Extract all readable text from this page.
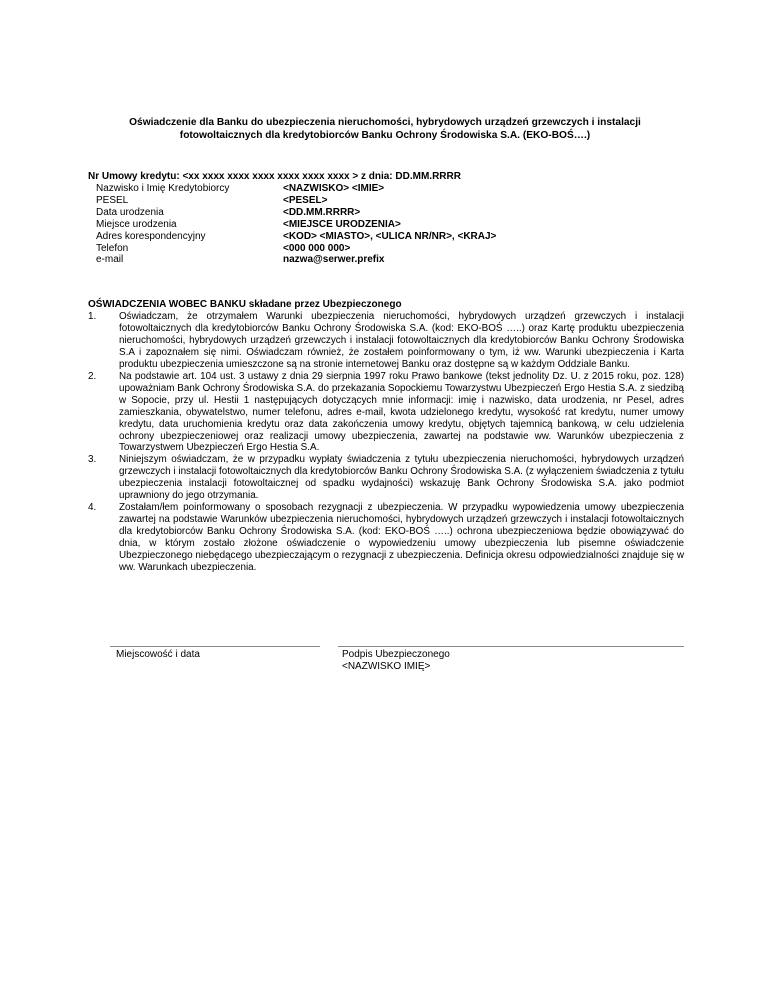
Oświadczenie dla Banku do ubezpieczenia nieruchomości, hybrydowych urządzeń grzewczych i instalacji
fotowoltaicznych dla kredytobiorców Banku Ochrony Środowiska S.A. (EKO-BOŚ….)
Nr Umowy kredytu: <xx xxxx xxxx xxxx xxxx xxxx xxxx > z dnia: DD.MM.RRRR
Nazwisko i Imię Kredytobiorcy	<NAZWISKO> <IMIE>
PESEL	<PESEL>
Data urodzenia	<DD.MM.RRRR>
Miejsce urodzenia	<MIEJSCE URODZENIA>
Adres korespondencyjny	<KOD> <MIASTO>, <ULICA NR/NR>, <KRAJ>
Telefon	<000 000 000>
e-mail	nazwa@serwer.prefix
OŚWIADCZENIA WOBEC BANKU składane przez Ubezpieczonego
1.	Oświadczam, że otrzymałem Warunki ubezpieczenia nieruchomości, hybrydowych urządzeń grzewczych i instalacji fotowoltaicznych dla kredytobiorców Banku Ochrony Środowiska S.A. (kod: EKO-BOŚ …..) oraz Kartę produktu ubezpieczenia nieruchomości, hybrydowych urządzeń grzewczych i instalacji fotowoltaicznych dla kredytobiorców Banku Ochrony Środowiska S.A i zapoznałem się nimi. Oświadczam również, że zostałem poinformowany o tym, iż ww. Warunki ubezpieczenia i Karta produktu ubezpieczenia umieszczone są na stronie internetowej Banku oraz dostępne są w każdym Oddziale Banku.
2.	Na podstawie art. 104 ust. 3 ustawy z dnia 29 sierpnia 1997 roku Prawo bankowe (tekst jednolity Dz. U. z 2015 roku, poz. 128) upoważniam Bank Ochrony Środowiska S.A. do przekazania Sopockiemu Towarzystwu Ubezpieczeń Ergo Hestia S.A. z siedzibą w Sopocie, przy ul. Hestii 1 następujących dotyczących mnie informacji: imię i nazwisko, data urodzenia, nr Pesel, adres zamieszkania, obywatelstwo, numer telefonu, adres e-mail, kwota udzielonego kredytu, wysokość rat kredytu, numer umowy kredytu, data uruchomienia kredytu oraz data zakończenia umowy kredytu, objętych tajemnicą bankową, w celu udzielenia ochrony ubezpieczeniowej oraz realizacji umowy ubezpieczenia, zawartej na podstawie ww. Warunków ubezpieczenia z Towarzystwem Ubezpieczeń Ergo Hestia S.A.
3.	Niniejszym oświadczam, że w przypadku wypłaty świadczenia z tytułu ubezpieczenia nieruchomości, hybrydowych urządzeń grzewczych i instalacji fotowoltaicznych dla kredytobiorców Banku Ochrony Środowiska S.A. (z wyłączeniem świadczenia z tytułu ubezpieczenia instalacji fotowoltaicznej od spadku wydajności) wskazuję Bank Ochrony Środowiska S.A. jako podmiot uprawniony do jego otrzymania.
4.	Zostałam/łem poinformowany o sposobach rezygnacji z ubezpieczenia. W przypadku wypowiedzenia umowy ubezpieczenia zawartej na podstawie Warunków ubezpieczenia nieruchomości, hybrydowych urządzeń grzewczych i instalacji fotowoltaicznych dla kredytobiorców Banku Ochrony Środowiska S.A. (kod: EKO-BOŚ …..) ochrona ubezpieczeniowa będzie obowiązywać do dnia, w którym zostało złożone oświadczenie o wypowiedzeniu umowy ubezpieczenia lub pisemne oświadczenie Ubezpieczonego niebędącego ubezpieczającym o rezygnacji z ubezpieczenia. Definicja okresu odpowiedzialności znajduje się w ww. Warunkach ubezpieczenia.
Miejscowość i data	Podpis Ubezpieczonego
<NAZWISKO IMIĘ>
